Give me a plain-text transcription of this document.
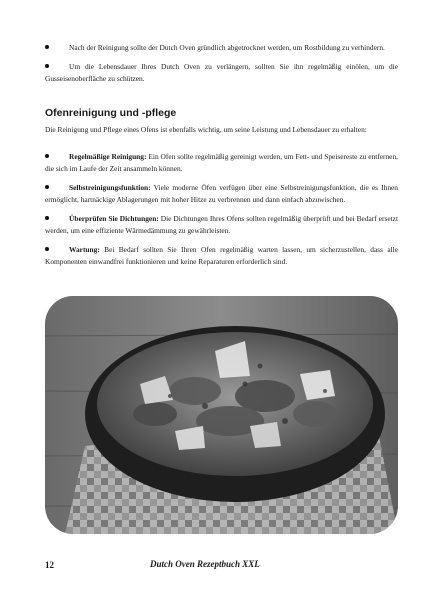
Nach der Reinigung sollte der Dutch Oven gründlich abgetrocknet werden, um Rostbildung zu verhindern.

Um die Lebensdauer Ihres Dutch Oven zu verlängern, sollten Sie ihn regelmäßig einölen, um die Gusseisenoberfläche zu schützen.

Ofenreinigung und -pflege
Die Reinigung und Pflege eines Ofens ist ebenfalls wichtig, um seine Leistung und Lebensdauer zu erhalten:

Regelmäßige Reinigung: Ein Ofen sollte regelmäßig gereinigt werden, um Fett- und Speisereste zu entfernen, die sich im Laufe der Zeit ansammeln können.

Selbstreinigungsfunktion: Viele moderne Öfen verfügen über eine Selbstreinigungsfunktion, die es Ihnen ermöglicht, hartnäckige Ablagerungen mit hoher Hitze zu verbrennen und dann einfach abzuwischen.

Überprüfen Sie Dichtungen: Die Dichtungen Ihres Ofens sollten regelmäßig überprüft und bei Bedarf ersetzt werden, um eine effiziente Wärmedämmung zu gewährleisten.

Wartung: Bei Bedarf sollten Sie Ihren Ofen regelmäßig warten lassen, um sicherzustellen, dass alle Komponenten einwandfrei funktionieren und keine Reparaturen erforderlich sind.

12	Dutch Oven Rezeptbuch XXL
